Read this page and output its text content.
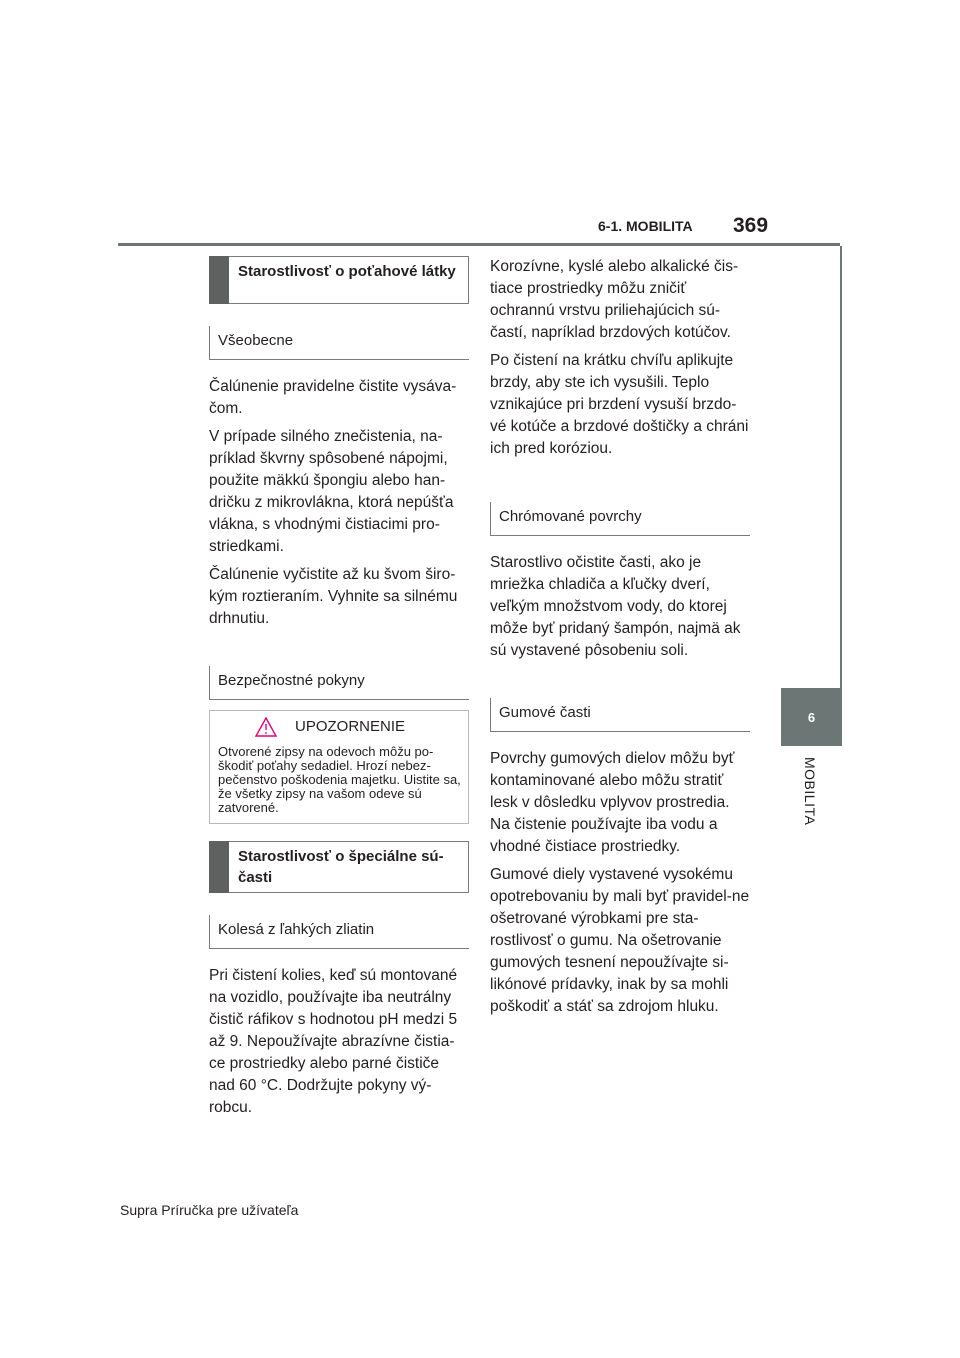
6-1. MOBILITA 369
6
MOBILITA
Starostlivosť o poťahové látky
Všeobecne

Čalúnenie pravidelne čistite vysáva-čom.

V prípade silného znečistenia, na-príklad škvrny spôsobené nápojmi, použite mäkkú špongiu alebo han-dričku z mikrovlákna, ktorá nepúšťa vlákna, s vhodnými čistiacimi pro-striedkami.

Čalúnenie vyčistite až ku švom širo-kým roztieraním. Vyhnite sa silnému drhnutiu.

Bezpečnostné pokyny
UPOZORNENIE
Otvorené zipsy na odevoch môžu po-škodiť poťahy sedadiel. Hrozí nebez-pečenstvo poškodenia majetku. Uistite sa, že všetky zipsy na vašom odeve sú zatvorené.
Starostlivosť o špeciálne sú-časti
Kolesá z ľahkých zliatin

Pri čistení kolies, keď sú montované na vozidlo, používajte iba neutrálny čistič ráfikov s hodnotou pH medzi 5 až 9. Nepoužívajte abrazívne čistia-ce prostriedky alebo parné čističe nad 60 °C. Dodržujte pokyny vý-robcu.

Korozívne, kyslé alebo alkalické čis-tiace prostriedky môžu zničiť ochrannú vrstvu priliehajúcich sú-častí, napríklad brzdových kotúčov.

Po čistení na krátku chvíľu aplikujte brzdy, aby ste ich vysušili. Teplo vznikajúce pri brzdení vysuší brzdo-vé kotúče a brzdové doštičky a chráni ich pred koróziou.

Chrómované povrchy

Starostlivo očistite časti, ako je mriežka chladiča a kľučky dverí, veľkým množstvom vody, do ktorej môže byť pridaný šampón, najmä ak sú vystavené pôsobeniu soli.

Gumové časti

Povrchy gumových dielov môžu byť kontaminované alebo môžu stratiť lesk v dôsledku vplyvov prostredia. Na čistenie používajte iba vodu a vhodné čistiace prostriedky.

Gumové diely vystavené vysokému opotrebovaniu by mali byť pravidel-ne ošetrované výrobkami pre sta-rostlivosť o gumu. Na ošetrovanie gumových tesnení nepoužívajte si-likónové prídavky, inak by sa mohli poškodiť a stáť sa zdrojom hluku.

Supra Príručka pre užívateľa
